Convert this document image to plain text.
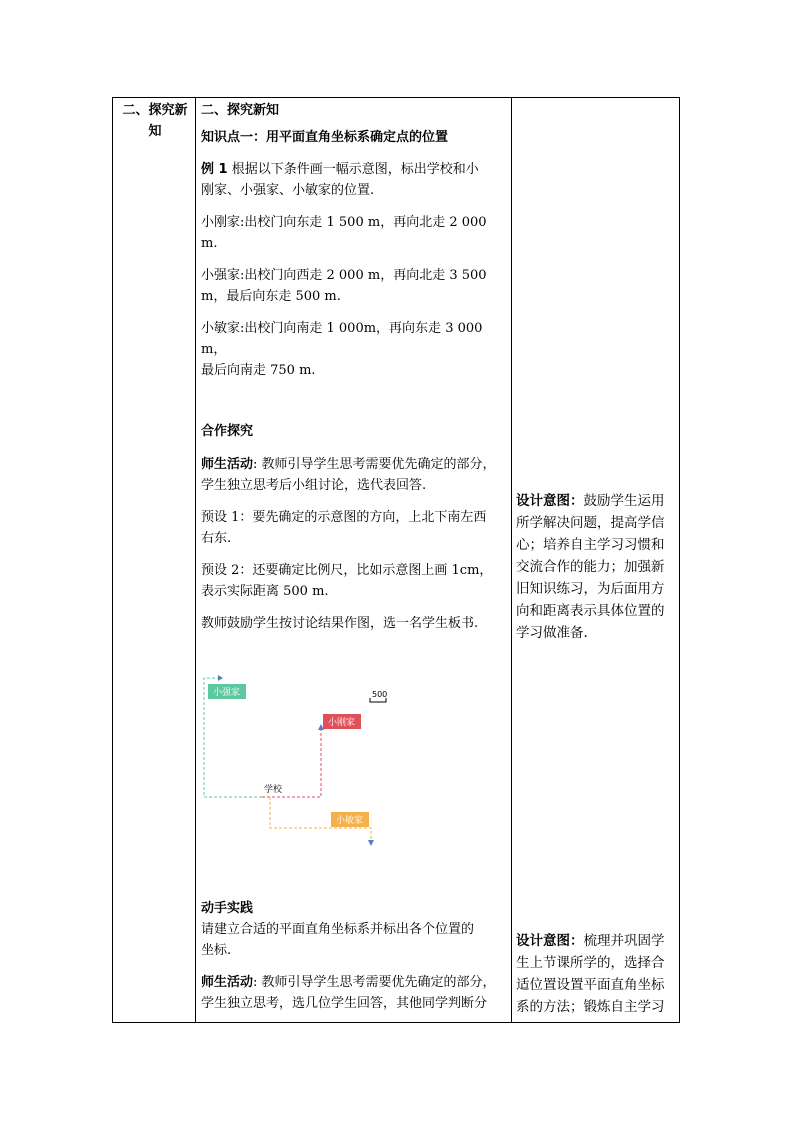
二、探究新
知

二、探究新知

知识点一：用平面直角坐标系确定点的位置

例 1 根据以下条件画一幅示意图，标出学校和小

刚家、小强家、小敏家的位置.

小刚家:出校门向东走 1 500 m，再向北走 2 000 m.

小强家:出校门向西走 2 000 m，再向北走 3 500

m，最后向东走 500 m.

小敏家:出校门向南走 1 000m，再向东走 3 000 m，

最后向南走 750 m.

合作探究

师生活动: 教师引导学生思考需要优先确定的部分，

学生独立思考后小组讨论，选代表回答.

预设 1：要先确定的示意图的方向，上北下南左西

右东.

预设 2：还要确定比例尺，比如示意图上画 1cm，

表示实际距离 500 m.

教师鼓励学生按讨论结果作图，选一名学生板书.

500
小强家
小刚家
小敏家
学校

动手实践

请建立合适的平面直角坐标系并标出各个位置的

坐标.

师生活动: 教师引导学生思考需要优先确定的部分，

学生独立思考，选几位学生回答，其他同学判断分

设计意图：鼓励学生运用
所学解决问题，提高学信
心；培养自主学习习惯和
交流合作的能力；加强新
旧知识练习，为后面用方
向和距离表示具体位置的
学习做准备.
设计意图：梳理并巩固学
生上节课所学的，选择合
适位置设置平面直角坐标
系的方法；锻炼自主学习
